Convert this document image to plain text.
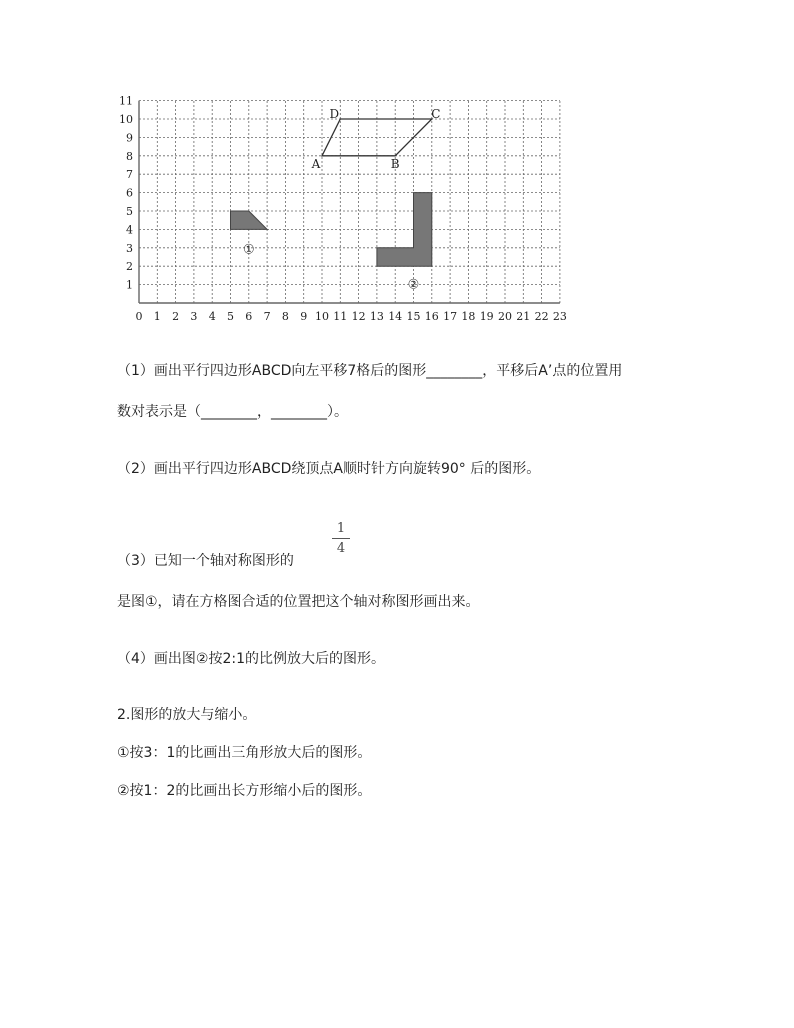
A	B
C
D
①
②
0 1 2 3 4 5 6 7 8 9 10 11 12 13 14 15 16 17 18 19 20 21 22 23
1
2
3
4
5
6
7
8
9
10
11
（1）画出平行四边形ABCD向左平移7格后的图形________，平移后A’点的位置用
数对表示是（________，________）。
（2）画出平行四边形ABCD绕顶点A顺时针方向旋转90° 后的图形。
1
4
（3）已知一个轴对称图形的
是图①，请在方格图合适的位置把这个轴对称图形画出来。
（4）画出图②按2:1的比例放大后的图形。
2.图形的放大与缩小。
①按3：1的比画出三角形放大后的图形。
②按1：2的比画出长方形缩小后的图形。
